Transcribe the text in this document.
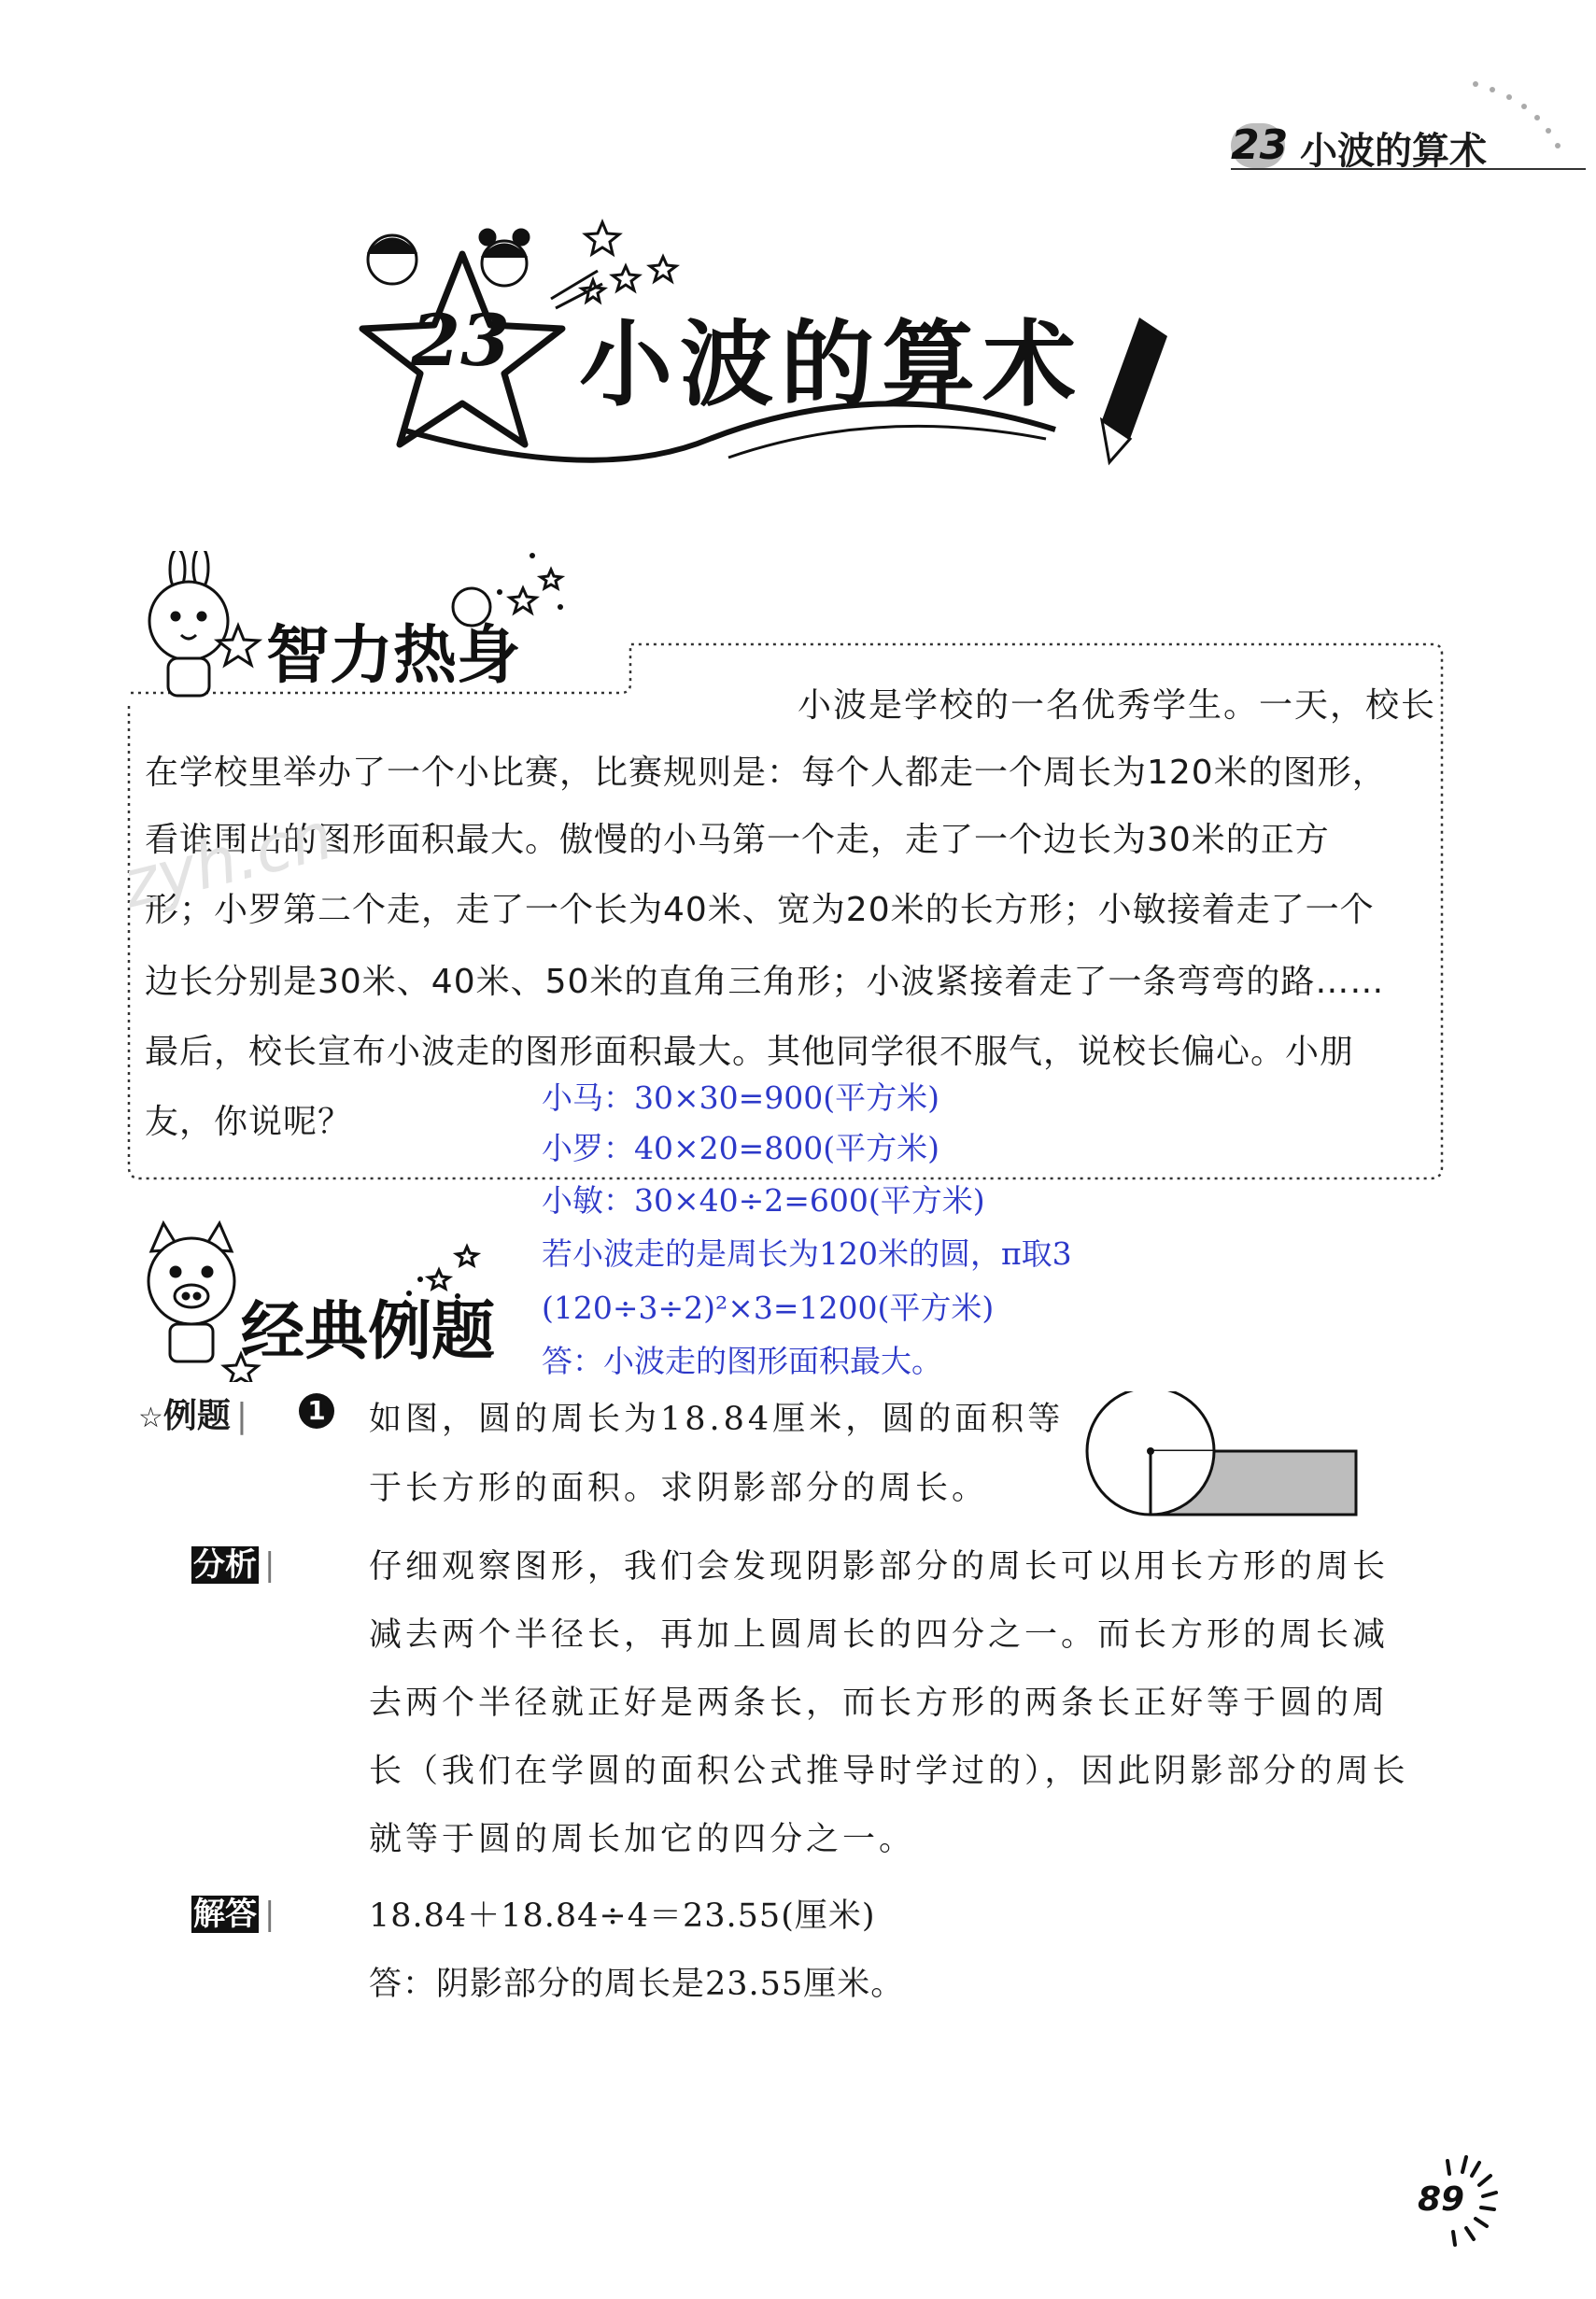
23 小波的算术
23 小波的算术
智力热身
小波是学校的一名优秀学生。一天，校长
在学校里举办了一个小比赛，比赛规则是：每个人都走一个周长为120米的图形，
看谁围出的图形面积最大。傲慢的小马第一个走，走了一个边长为30米的正方
形；小罗第二个走，走了一个长为40米、宽为20米的长方形；小敏接着走了一个
边长分别是30米、40米、50米的直角三角形；小波紧接着走了一条弯弯的路……
最后，校长宣布小波走的图形面积最大。其他同学很不服气，说校长偏心。小朋
友，你说呢？
zyh.cn
小马：30×30=900(平方米)
小罗：40×20=800(平方米)
小敏：30×40÷2=600(平方米)
若小波走的是周长为120米的圆，π取3
(120÷3÷2)²×3=1200(平方米)
答：小波走的图形面积最大。
经典例题
☆例题 |	1 如图，圆的周长为18.84厘米，圆的面积等
于长方形的面积。求阴影部分的周长。
分析 |	仔细观察图形，我们会发现阴影部分的周长可以用长方形的周长
减去两个半径长，再加上圆周长的四分之一。而长方形的周长减
去两个半径就正好是两条长，而长方形的两条长正好等于圆的周
长（我们在学圆的面积公式推导时学过的），因此阴影部分的周长
就等于圆的周长加它的四分之一。
解答 |	18.84＋18.84÷4＝23.55(厘米)
答：阴影部分的周长是23.55厘米。
89
